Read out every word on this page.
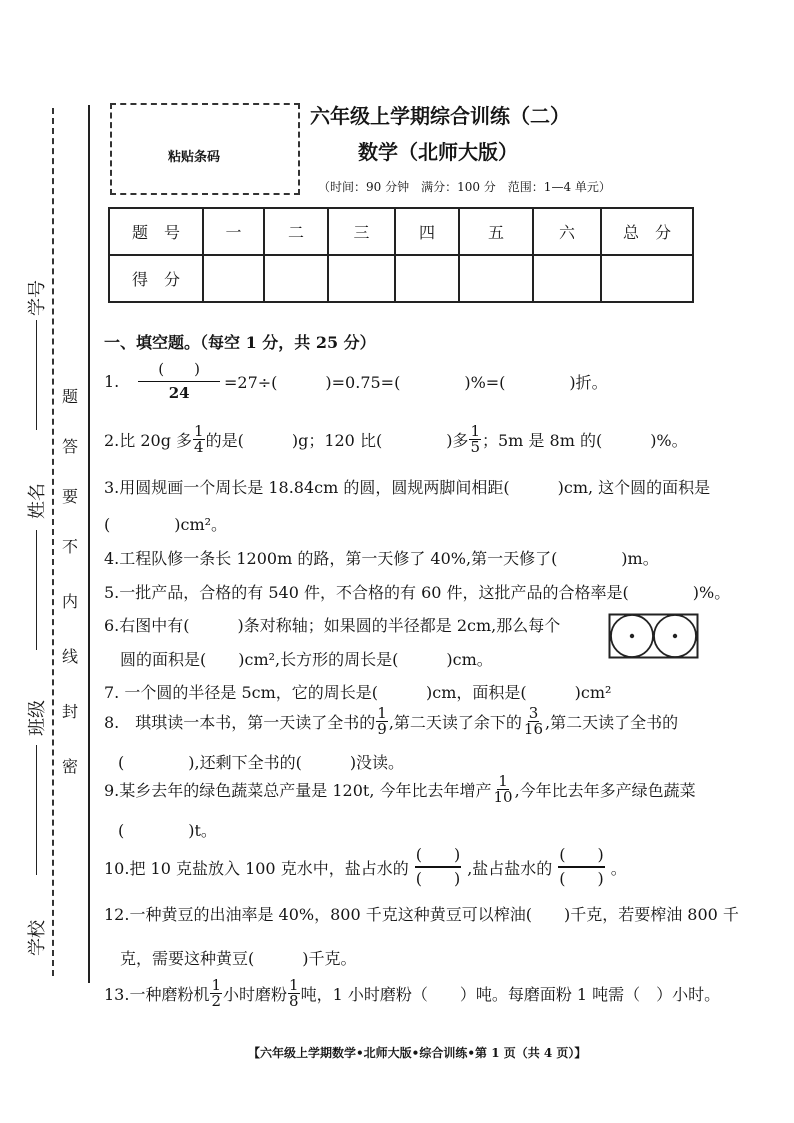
学号
姓名
班级
学校
题
答
要
不
内
线
封
密
粘贴条码
六年级上学期综合训练（二）
数学（北师大版）
（时间：90 分钟　满分：100 分　范围：1—4 单元）
题　号	一	二	三	四	五	六	总　分
得　分							
一、填空题。（每空 1 分，共 25 分）
1. $\frac{( )}{24} =27\div$(　　　)=0.75=(　　　　)%=(　　　　)折。
2.比 20g 多 $\frac{1}{4}$ 的是(　　　)g；120 比(　　　　)多 $\frac{1}{5}$ ；5m 是 8m 的(　　　)%。
3.用圆规画一个周长是 18.84cm 的圆，圆规两脚间相距(　　　)cm, 这个圆的面积是
(　　　　)cm²。
4.工程队修一条长 1200m 的路，第一天修了 40%,第一天修了(　　　　)m。
5.一批产品，合格的有 540 件，不合格的有 60 件，这批产品的合格率是(　　　　)%。
6.右图中有(　　　)条对称轴；如果圆的半径都是 2cm,那么每个
圆的面积是(　　)cm²,长方形的周长是(　　　)cm。
7. 一个圆的半径是 5cm，它的周长是(　　　)cm，面积是(　　　)cm²
8.　琪琪读一本书，第一天读了全书的 $\frac{1}{9}$ ,第二天读了余下的 $\frac{3}{16}$ ,第二天读了全书的
(　　　　),还剩下全书的(　　　)没读。
9.某乡去年的绿色蔬菜总产量是 120t, 今年比去年增产 $\frac{1}{10}$ ,今年比去年多产绿色蔬菜
(　　　　)t。
10.把 10 克盐放入 100 克水中，盐占水的 $\frac{( )}{( )}$ ,盐占盐水的 $\frac{( )}{( )}$ 。
12.一种黄豆的出油率是 40%，800 千克这种黄豆可以榨油(　　)千克，若要榨油 800 千
克，需要这种黄豆(　　　)千克。
13.一种磨粉机 $\frac{1}{2}$ 小时磨粉 $\frac{1}{8}$ 吨，1 小时磨粉（　　）吨。每磨面粉 1 吨需（　）小时。
【六年级上学期数学•北师大版•综合训练•第 1 页（共 4 页）】
